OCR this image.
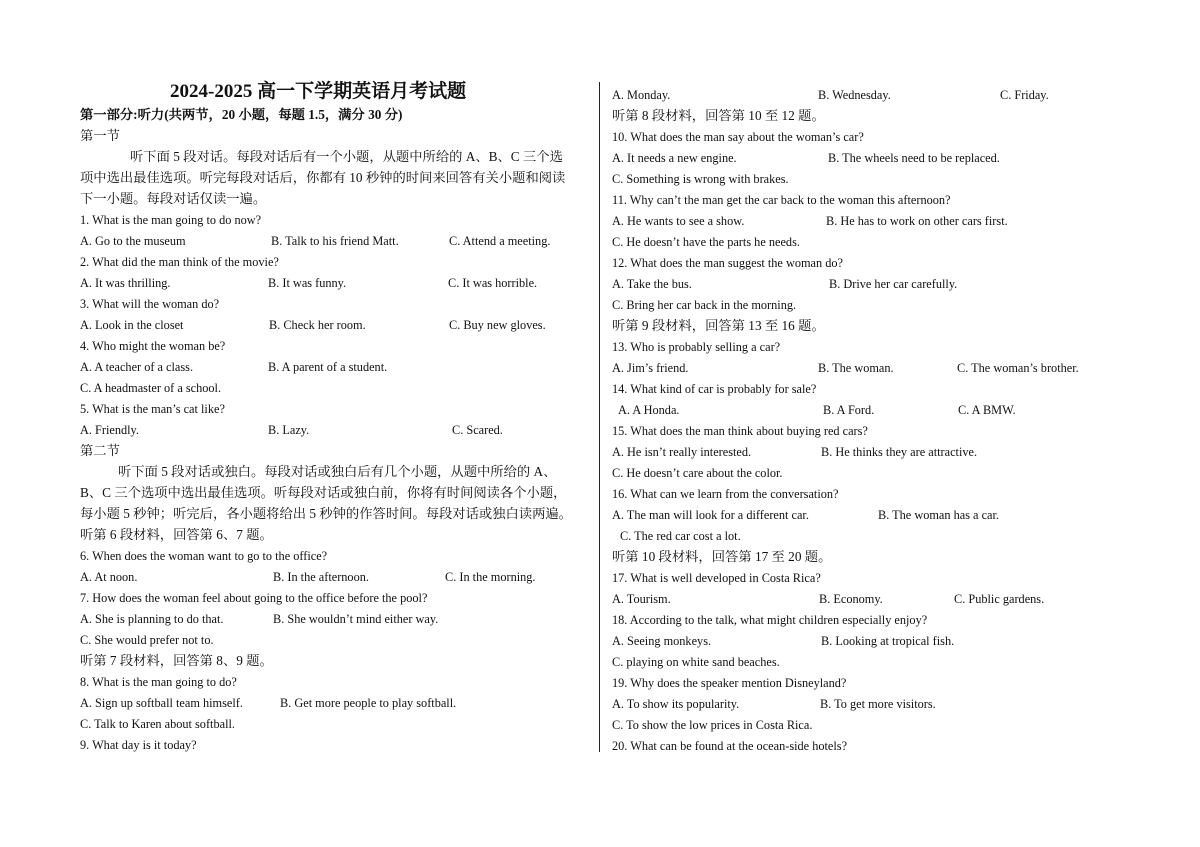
2024-2025 高一下学期英语月考试题
第一部分:听力(共两节，20 小题，每题 1.5，满分 30 分)
第一节
听下面 5 段对话。每段对话后有一个小题，从题中所给的 A、B、C 三个选
项中选出最佳选项。听完每段对话后，你都有 10 秒钟的时间来回答有关小题和阅读
下一小题。每段对话仅读一遍。
1. What is the man going to do now?
A. Go to the museum	B. Talk to his friend Matt.	C. Attend a meeting.
2. What did the man think of the movie?
A. It was thrilling.	B. It was funny.	C. It was horrible.
3. What will the woman do?
A. Look in the closet	B. Check her room.	C. Buy new gloves.
4. Who might the woman be?
A. A teacher of a class.	B. A parent of a student.
C. A headmaster of a school.
5. What is the man’s cat like?
A. Friendly.	B. Lazy.	C. Scared.
第二节
听下面 5 段对话或独白。每段对话或独白后有几个小题，从题中所给的 A、
B、C 三个选项中选出最佳选项。听每段对话或独白前，你将有时间阅读各个小题，
每小题 5 秒钟；听完后，各小题将给出 5 秒钟的作答时间。每段对话或独白读两遍。
听第 6 段材料，回答第 6、7 题。
6. When does the woman want to go to the office?
A. At noon.	B. In the afternoon.	C. In the morning.
7. How does the woman feel about going to the office before the pool?
A. She is planning to do that.	B. She wouldn’t mind either way.
C. She would prefer not to.
听第 7 段材料，回答第 8、9 题。
8. What is the man going to do?
A. Sign up softball team himself.	B. Get more people to play softball.
C. Talk to Karen about softball.
9. What day is it today?
A. Monday.	B. Wednesday.	C. Friday.
听第 8 段材料，回答第 10 至 12 题。
10. What does the man say about the woman’s car?
A. It needs a new engine.	B. The wheels need to be replaced.
C. Something is wrong with brakes.
11. Why can’t the man get the car back to the woman this afternoon?
A. He wants to see a show.	B. He has to work on other cars first.
C. He doesn’t have the parts he needs.
12. What does the man suggest the woman do?
A. Take the bus.	B. Drive her car carefully.
C. Bring her car back in the morning.
听第 9 段材料，回答第 13 至 16 题。
13. Who is probably selling a car?
A. Jim’s friend.	B. The woman.	C. The woman’s brother.
14. What kind of car is probably for sale?
A. A Honda.	B. A Ford.	C. A BMW.
15. What does the man think about buying red cars?
A. He isn’t really interested.	B. He thinks they are attractive.
C. He doesn’t care about the color.
16. What can we learn from the conversation?
A. The man will look for a different car.	B. The woman has a car.
C. The red car cost a lot.
听第 10 段材料，回答第 17 至 20 题。
17. What is well developed in Costa Rica?
A. Tourism.	B. Economy.	C. Public gardens.
18. According to the talk, what might children especially enjoy?
A. Seeing monkeys.	B. Looking at tropical fish.
C. playing on white sand beaches.
19. Why does the speaker mention Disneyland?
A. To show its popularity.	B. To get more visitors.
C. To show the low prices in Costa Rica.
20. What can be found at the ocean-side hotels?
